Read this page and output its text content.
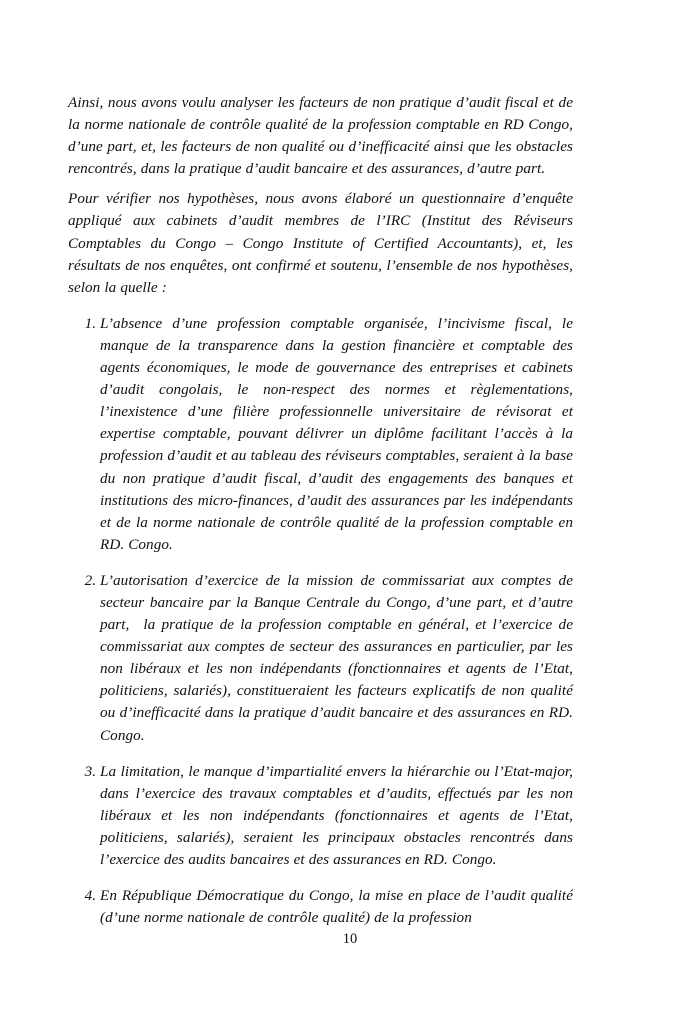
Ainsi, nous avons voulu analyser les facteurs de non pratique d’audit fiscal et de la norme nationale de contrôle qualité de la profession comptable en RD Congo, d’une part, et, les facteurs de non qualité ou d’inefficacité ainsi que les obstacles rencontrés, dans la pratique d’audit bancaire et des assurances, d’autre part.

Pour vérifier nos hypothèses, nous avons élaboré un questionnaire d’enquête appliqué aux cabinets d’audit membres de l’IRC (Institut des Réviseurs Comptables du Congo – Congo Institute of Certified Accountants), et, les résultats de nos enquêtes, ont confirmé et soutenu, l’ensemble de nos hypothèses, selon la quelle :

1. L’absence d’une profession comptable organisée, l’incivisme fiscal, le manque de la transparence dans la gestion financière et comptable des agents économiques, le mode de gouvernance des entreprises et cabinets d’audit congolais, le non-respect des normes et règlementations, l’inexistence d’une filière professionnelle universitaire de révisorat et expertise comptable, pouvant délivrer un diplôme facilitant l’accès à la profession d’audit et au tableau des réviseurs comptables, seraient à la base du non pratique d’audit fiscal, d’audit des engagements des banques et institutions des micro-finances, d’audit des assurances par les indépendants et de la norme nationale de contrôle qualité de la profession comptable en RD. Congo.
2. L’autorisation d’exercice de la mission de commissariat aux comptes de secteur bancaire par la Banque Centrale du Congo, d’une part, et d’autre part, la pratique de la profession comptable en général, et l’exercice de commissariat aux comptes de secteur des assurances en particulier, par les non libéraux et les non indépendants (fonctionnaires et agents de l’Etat, politiciens, salariés), constitueraient les facteurs explicatifs de non qualité ou d’inefficacité dans la pratique d’audit bancaire et des assurances en RD. Congo.
3. La limitation, le manque d’impartialité envers la hiérarchie ou l’Etat-major, dans l’exercice des travaux comptables et d’audits, effectués par les non libéraux et les non indépendants (fonctionnaires et agents de l’Etat, politiciens, salariés), seraient les principaux obstacles rencontrés dans l’exercice des audits bancaires et des assurances en RD. Congo.
4. En République Démocratique du Congo, la mise en place de l’audit qualité (d’une norme nationale de contrôle qualité) de la profession
10
